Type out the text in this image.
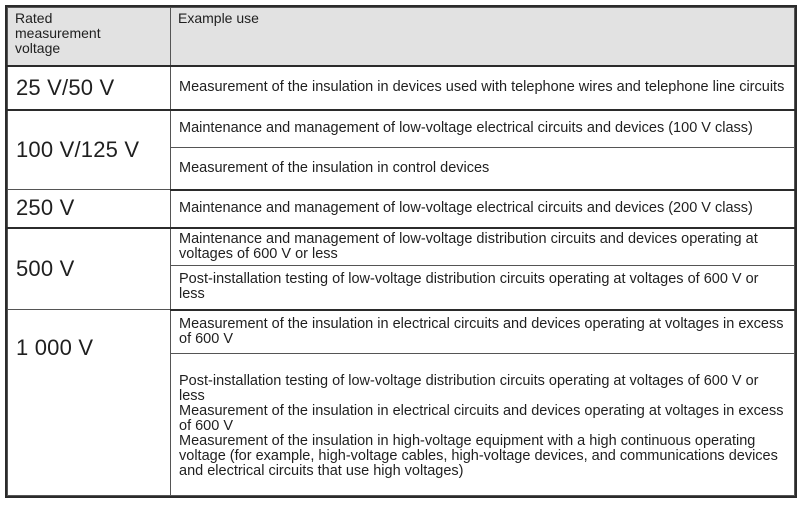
Rated
measurement
voltage	Example use
25 V/50 V	Measurement of the insulation in devices used with telephone wires and telephone line circuits
100 V/125 V	Maintenance and management of low-voltage electrical circuits and devices (100 V class)
	Measurement of the insulation in control devices
250 V	Maintenance and management of low-voltage electrical circuits and devices (200 V class)
500 V	Maintenance and management of low-voltage distribution circuits and devices operating at voltages of 600 V or less
	Post-installation testing of low-voltage distribution circuits operating at voltages of 600 V or less
1 000 V	Measurement of the insulation in electrical circuits and devices operating at voltages in excess of 600 V

	Post-installation testing of low-voltage distribution circuits operating at voltages of 600 V or less
Measurement of the insulation in electrical circuits and devices operating at voltages in excess of 600 V
Measurement of the insulation in high-voltage equipment with a high continuous operating voltage (for example, high-voltage cables, high-voltage devices, and communications devices and electrical circuits that use high voltages)
